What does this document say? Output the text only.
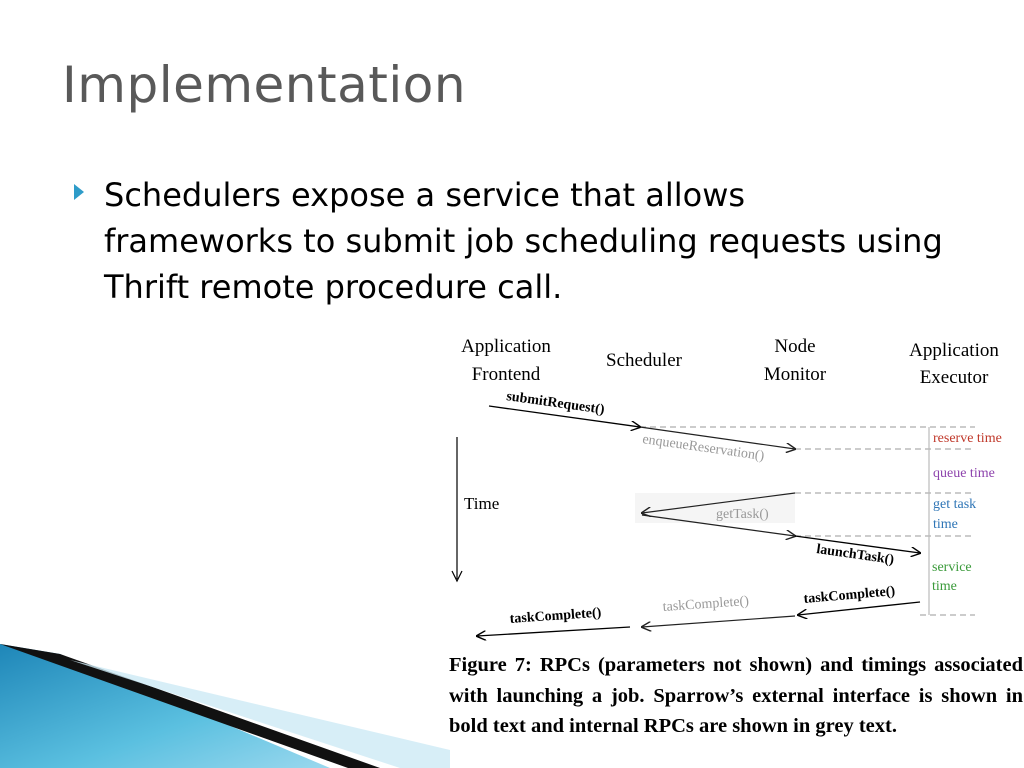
Implementation
Schedulers expose a service that allows frameworks to submit job scheduling requests using Thrift remote procedure call.
Application
Frontend
Scheduler
Node
Monitor
Application
Executor
Time
reserve time
queue time
get task
time
service
time
submitRequest()
enqueueReservation()
getTask()
launchTask()
taskComplete()
taskComplete()
taskComplete()
Figure 7: RPCs (parameters not shown) and timings associated with launching a job. Sparrow’s external interface is shown in bold text and internal RPCs are shown in grey text.
